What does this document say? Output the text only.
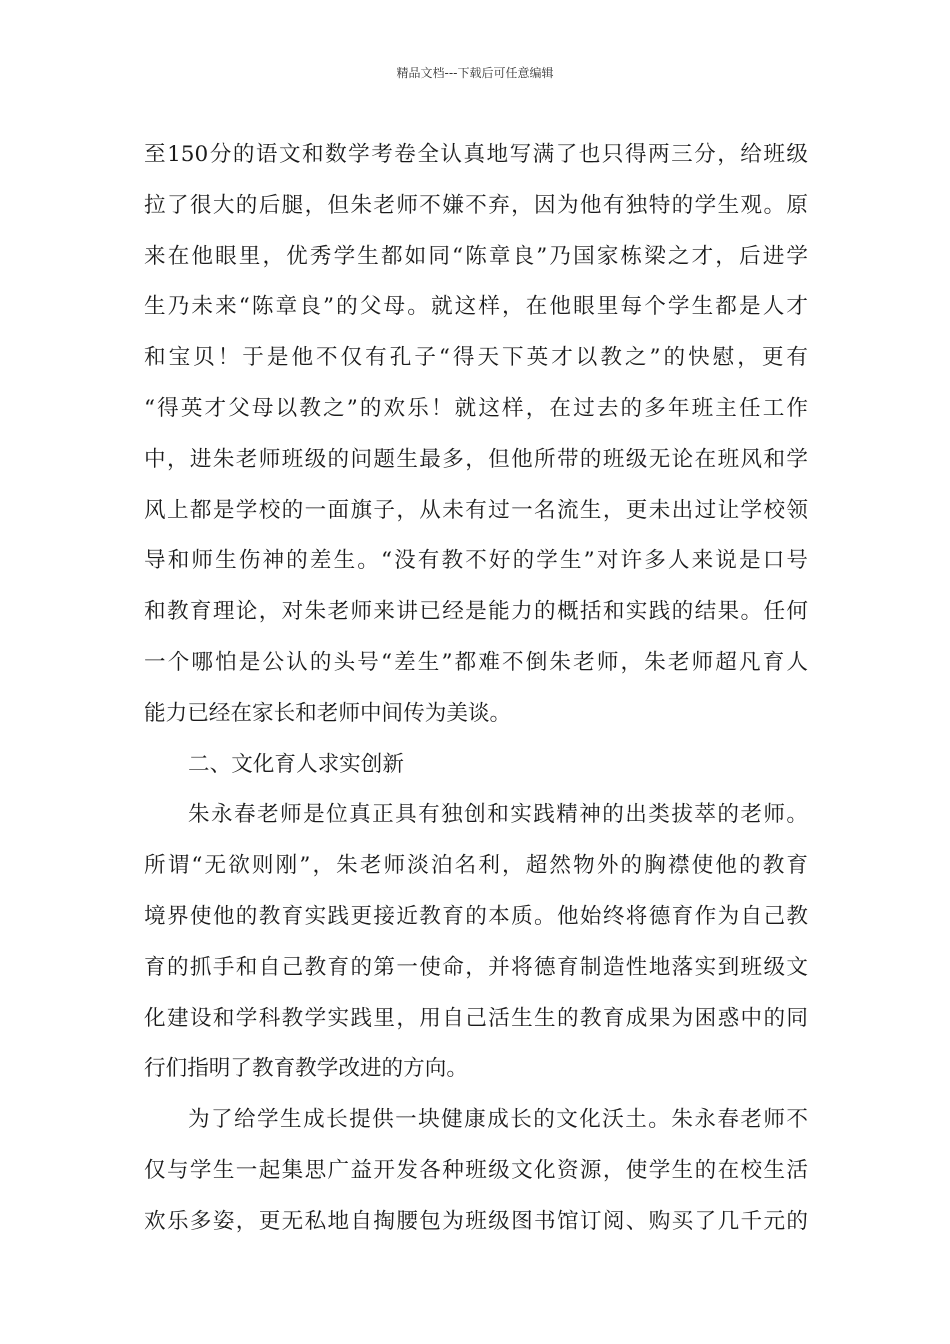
精品文档---下载后可任意编辑
至150分的语文和数学考卷全认真地写满了也只得两三分，给班级
拉了很大的后腿，但朱老师不嫌不弃，因为他有独特的学生观。原
来在他眼里，优秀学生都如同“陈章良”乃国家栋梁之才，后进学
生乃未来“陈章良”的父母。就这样，在他眼里每个学生都是人才
和宝贝！于是他不仅有孔子“得天下英才以教之”的快慰，更有
“得英才父母以教之”的欢乐！就这样，在过去的多年班主任工作
中，进朱老师班级的问题生最多，但他所带的班级无论在班风和学
风上都是学校的一面旗子，从未有过一名流生，更未出过让学校领
导和师生伤神的差生。“没有教不好的学生”对许多人来说是口号
和教育理论，对朱老师来讲已经是能力的概括和实践的结果。任何
一个哪怕是公认的头号“差生”都难不倒朱老师，朱老师超凡育人
能力已经在家长和老师中间传为美谈。
二、文化育人求实创新
朱永春老师是位真正具有独创和实践精神的出类拔萃的老师。
所谓“无欲则刚”，朱老师淡泊名利，超然物外的胸襟使他的教育
境界使他的教育实践更接近教育的本质。他始终将德育作为自己教
育的抓手和自己教育的第一使命，并将德育制造性地落实到班级文
化建设和学科教学实践里，用自己活生生的教育成果为困惑中的同
行们指明了教育教学改进的方向。
为了给学生成长提供一块健康成长的文化沃土。朱永春老师不
仅与学生一起集思广益开发各种班级文化资源，使学生的在校生活
欢乐多姿，更无私地自掏腰包为班级图书馆订阅、购买了几千元的
